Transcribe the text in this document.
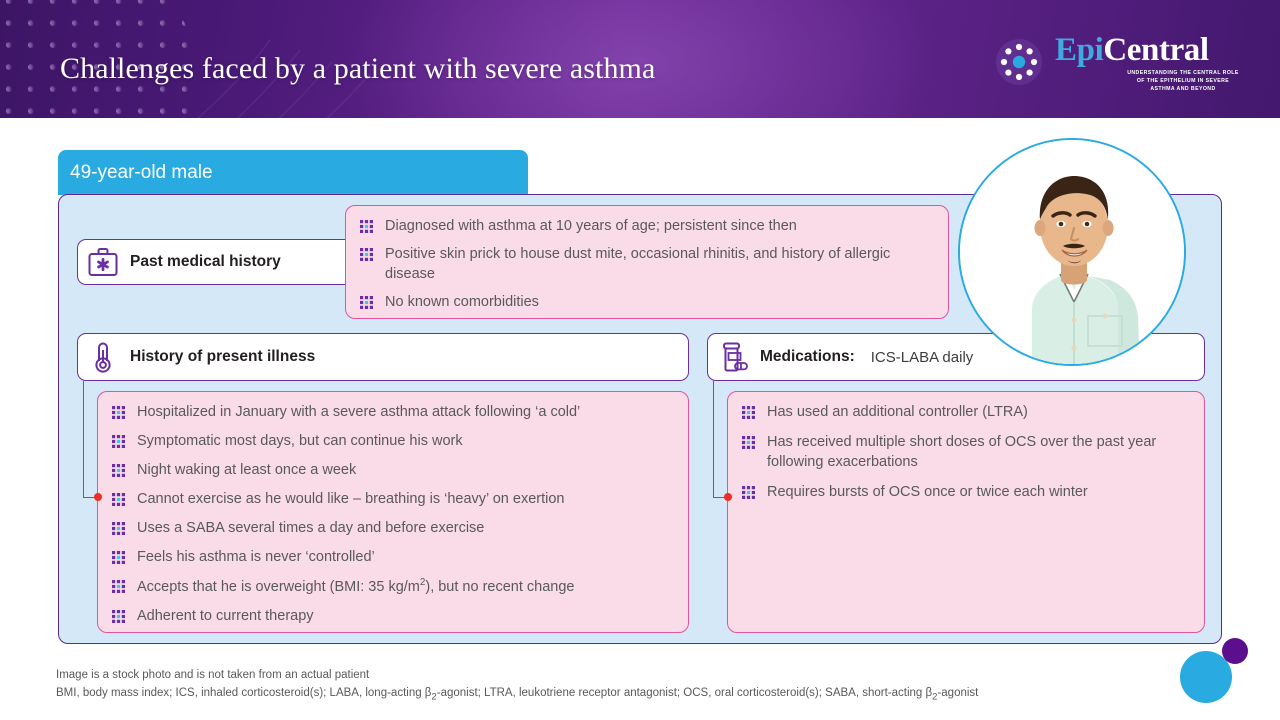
Challenges faced by a patient with severe asthma
EpiCentral
UNDERSTANDING THE CENTRAL ROLE OF THE EPITHELIUM IN SEVERE ASTHMA AND BEYOND
49-year-old male
Past medical history
Diagnosed with asthma at 10 years of age; persistent since then
Positive skin prick to house dust mite, occasional rhinitis, and history of allergic disease
No known comorbidities
History of present illness
Hospitalized in January with a severe asthma attack following ‘a cold’
Symptomatic most days, but can continue his work
Night waking at least once a week
Cannot exercise as he would like – breathing is ‘heavy’ on exertion
Uses a SABA several times a day and before exercise
Feels his asthma is never ‘controlled’
Accepts that he is overweight (BMI: 35 $kg/m^2$), but no recent change
Adherent to current therapy
Medications: ICS-LABA daily
Has used an additional controller (LTRA)
Has received multiple short doses of OCS over the past year following exacerbations
Requires bursts of OCS once or twice each winter
Image is a stock photo and is not taken from an actual patient
BMI, body mass index; ICS, inhaled corticosteroid(s); LABA, long-acting $\beta_2$-agonist; LTRA, leukotriene receptor antagonist; OCS, oral corticosteroid(s); SABA, short-acting $\beta_2$-agonist
